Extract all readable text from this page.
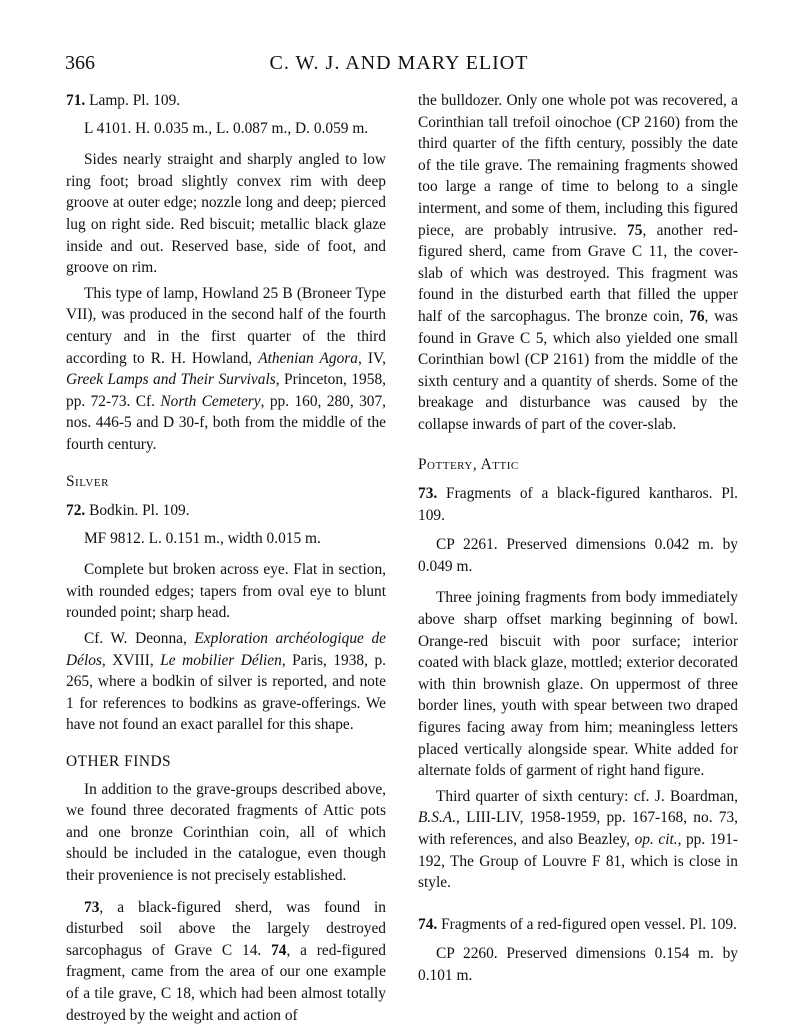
366	C. W. J. AND MARY ELIOT

71. Lamp. Pl. 109.

L 4101. H. 0.035 m., L. 0.087 m., D. 0.059 m.

Sides nearly straight and sharply angled to low ring foot; broad slightly convex rim with deep groove at outer edge; nozzle long and deep; pierced lug on right side. Red biscuit; metallic black glaze inside and out. Reserved base, side of foot, and groove on rim.

This type of lamp, Howland 25 B (Broneer Type VII), was produced in the second half of the fourth century and in the first quarter of the third according to R. H. Howland, Athenian Agora, IV, Greek Lamps and Their Survivals, Princeton, 1958, pp. 72-73. Cf. North Cemetery, pp. 160, 280, 307, nos. 446-5 and D 30-f, both from the middle of the fourth century.

Silver

72. Bodkin. Pl. 109.

MF 9812. L. 0.151 m., width 0.015 m.

Complete but broken across eye. Flat in section, with rounded edges; tapers from oval eye to blunt rounded point; sharp head.

Cf. W. Deonna, Exploration archéologique de Délos, XVIII, Le mobilier Délien, Paris, 1938, p. 265, where a bodkin of silver is reported, and note 1 for references to bodkins as grave-offerings. We have not found an exact parallel for this shape.

OTHER FINDS

In addition to the grave-groups described above, we found three decorated fragments of Attic pots and one bronze Corinthian coin, all of which should be included in the catalogue, even though their provenience is not precisely established.

73, a black-figured sherd, was found in disturbed soil above the largely destroyed sarcophagus of Grave C 14. 74, a red-figured fragment, came from the area of our one example of a tile grave, C 18, which had been almost totally destroyed by the weight and action of

the bulldozer. Only one whole pot was recovered, a Corinthian tall trefoil oinochoe (CP 2160) from the third quarter of the fifth century, possibly the date of the tile grave. The remaining fragments showed too large a range of time to belong to a single interment, and some of them, including this figured piece, are probably intrusive. 75, another red-figured sherd, came from Grave C 11, the cover-slab of which was destroyed. This fragment was found in the disturbed earth that filled the upper half of the sarcophagus. The bronze coin, 76, was found in Grave C 5, which also yielded one small Corinthian bowl (CP 2161) from the middle of the sixth century and a quantity of sherds. Some of the breakage and disturbance was caused by the collapse inwards of part of the cover-slab.

Pottery, Attic

73. Fragments of a black-figured kantharos. Pl. 109.

CP 2261. Preserved dimensions 0.042 m. by 0.049 m.

Three joining fragments from body immediately above sharp offset marking beginning of bowl. Orange-red biscuit with poor surface; interior coated with black glaze, mottled; exterior decorated with thin brownish glaze. On uppermost of three border lines, youth with spear between two draped figures facing away from him; meaningless letters placed vertically alongside spear. White added for alternate folds of garment of right hand figure.

Third quarter of sixth century: cf. J. Boardman, B.S.A., LIII-LIV, 1958-1959, pp. 167-168, no. 73, with references, and also Beazley, op. cit., pp. 191-192, The Group of Louvre F 81, which is close in style.

74. Fragments of a red-figured open vessel. Pl. 109.

CP 2260. Preserved dimensions 0.154 m. by 0.101 m.
